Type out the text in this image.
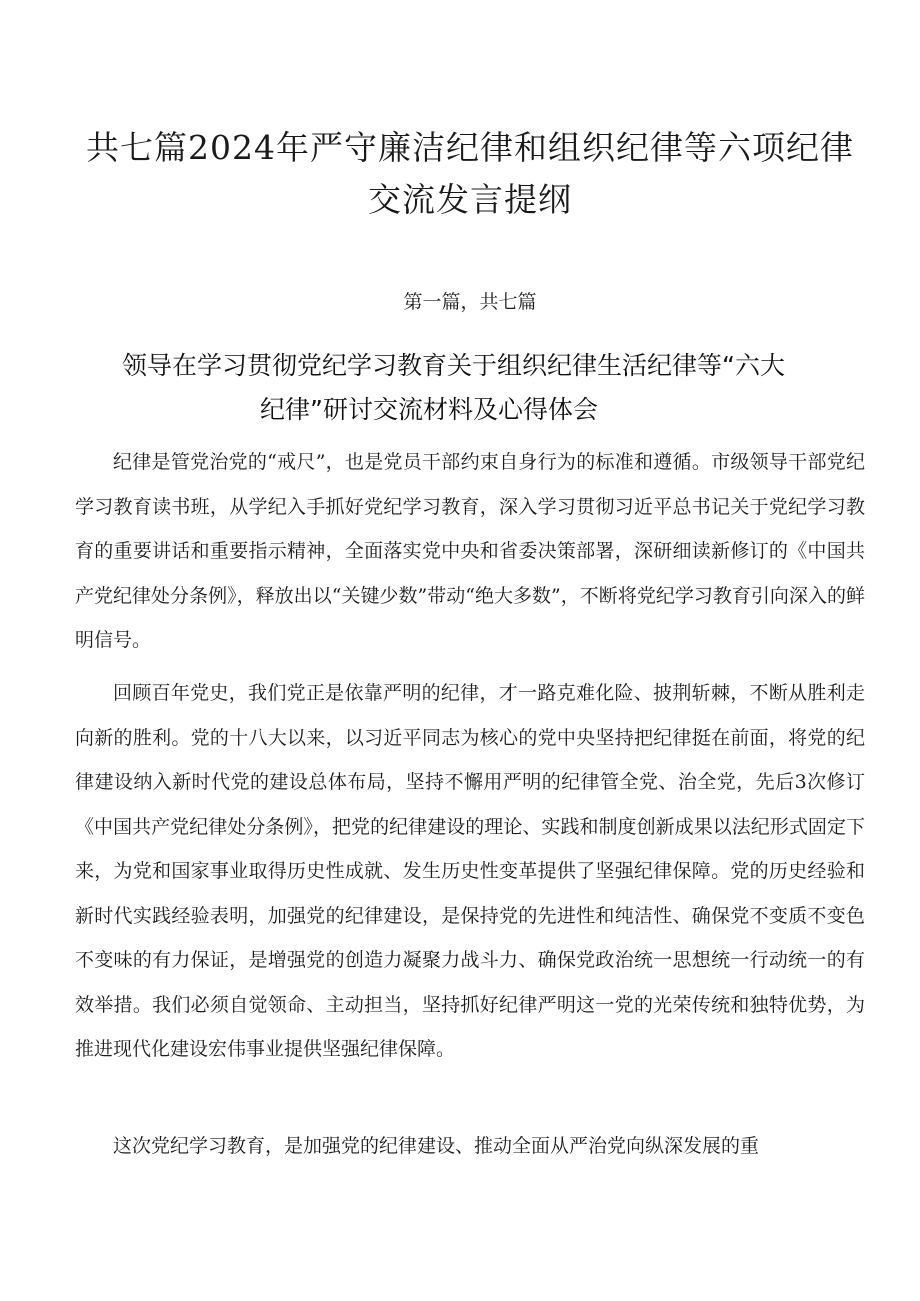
共七篇2024年严守廉洁纪律和组织纪律等六项纪律
交流发言提纲
第一篇，共七篇
领导在学习贯彻党纪学习教育关于组织纪律生活纪律等“六大
纪律”研讨交流材料及心得体会

纪律是管党治党的“戒尺”，也是党员干部约束自身行为的标准和遵循。市级领导干部党纪学习教育读书班，从学纪入手抓好党纪学习教育，深入学习贯彻习近平总书记关于党纪学习教育的重要讲话和重要指示精神，全面落实党中央和省委决策部署，深研细读新修订的《中国共产党纪律处分条例》，释放出以“关键少数”带动“绝大多数”，不断将党纪学习教育引向深入的鲜明信号。

回顾百年党史，我们党正是依靠严明的纪律，才一路克难化险、披荆斩棘，不断从胜利走向新的胜利。党的十八大以来，以习近平同志为核心的党中央坚持把纪律挺在前面，将党的纪律建设纳入新时代党的建设总体布局，坚持不懈用严明的纪律管全党、治全党，先后3次修订《中国共产党纪律处分条例》，把党的纪律建设的理论、实践和制度创新成果以法纪形式固定下来，为党和国家事业取得历史性成就、发生历史性变革提供了坚强纪律保障。党的历史经验和新时代实践经验表明，加强党的纪律建设，是保持党的先进性和纯洁性、确保党不变质不变色不变味的有力保证，是增强党的创造力凝聚力战斗力、确保党政治统一思想统一行动统一的有效举措。我们必须自觉领命、主动担当，坚持抓好纪律严明这一党的光荣传统和独特优势，为推进现代化建设宏伟事业提供坚强纪律保障。

这次党纪学习教育，是加强党的纪律建设、推动全面从严治党向纵深发展的重
